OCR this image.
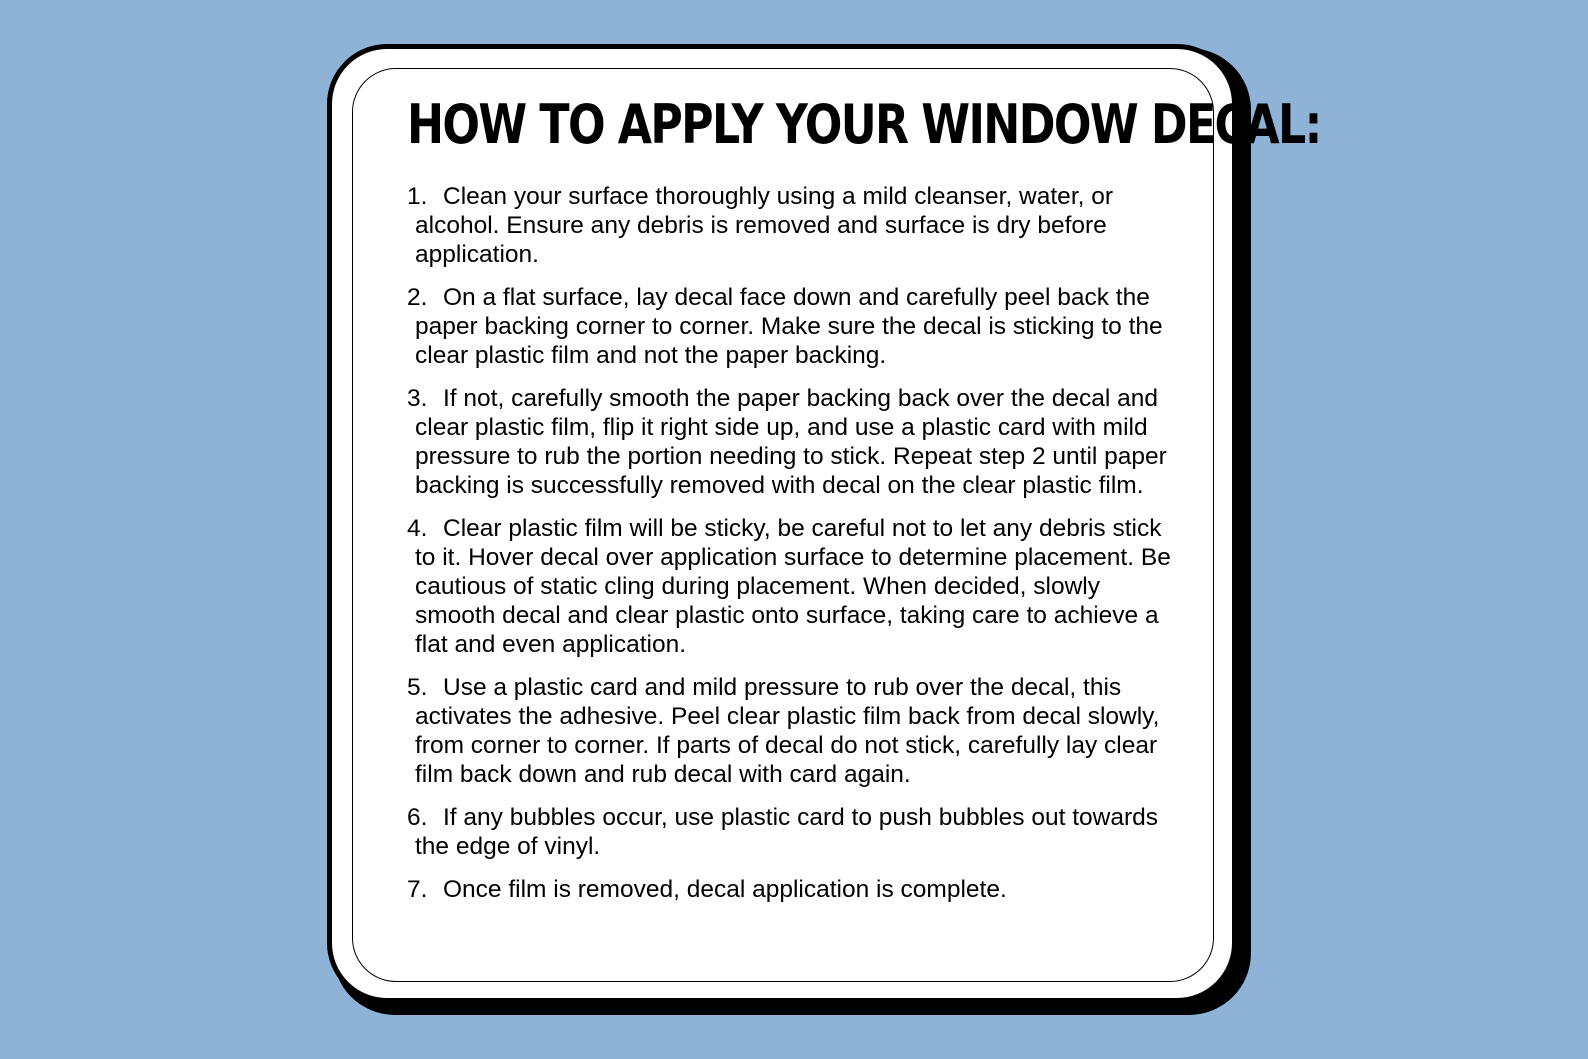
HOW TO APPLY YOUR WINDOW DECAL:
1. Clean your surface thoroughly using a mild cleanser, water, or alcohol. Ensure any debris is removed and surface is dry before application.
2. On a flat surface, lay decal face down and carefully peel back the paper backing corner to corner. Make sure the decal is sticking to the clear plastic film and not the paper backing.
3. If not, carefully smooth the paper backing back over the decal and clear plastic film, flip it right side up, and use a plastic card with mild pressure to rub the portion needing to stick. Repeat step 2 until paper backing is successfully removed with decal on the clear plastic film.
4. Clear plastic film will be sticky, be careful not to let any debris stick to it. Hover decal over application surface to determine placement. Be cautious of static cling during placement. When decided, slowly smooth decal and clear plastic onto surface, taking care to achieve a flat and even application.
5. Use a plastic card and mild pressure to rub over the decal, this activates the adhesive. Peel clear plastic film back from decal slowly, from corner to corner. If parts of decal do not stick, carefully lay clear film back down and rub decal with card again.
6. If any bubbles occur, use plastic card to push bubbles out towards the edge of vinyl.
7. Once film is removed, decal application is complete.
